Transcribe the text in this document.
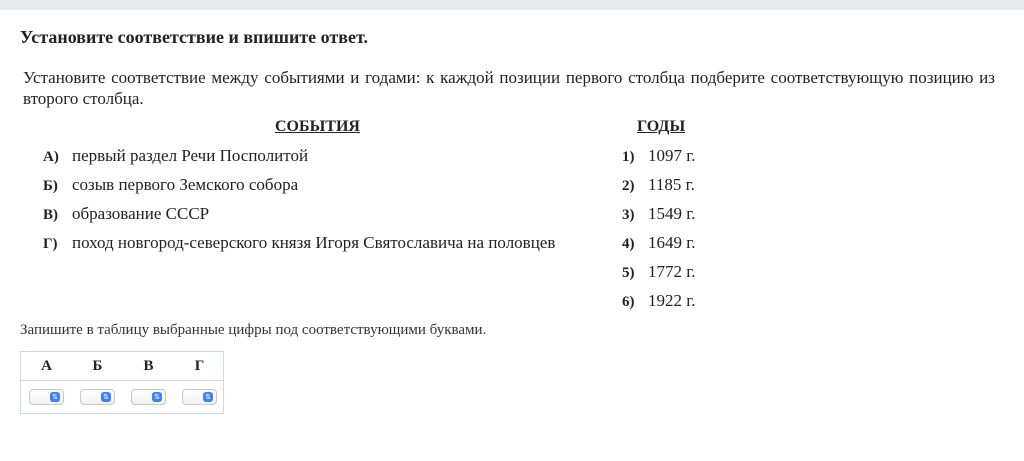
Установите соответствие и впишите ответ.
Установите соответствие между событиями и годами: к каждой позиции первого столбца подберите соответствующую позицию из второго столбца.
СОБЫТИЯ	ГОДЫ
А) первый раздел Речи Посполитой
Б) созыв первого Земского собора
В) образование СССР
Г) поход новгород-северского князя Игоря Святославича на половцев
1) 1097 г.
2) 1185 г.
3) 1549 г.
4) 1649 г.
5) 1772 г.
6) 1922 г.
Запишите в таблицу выбранные цифры под соответствующими буквами.
А	Б	В	Г
⇅	⇅	⇅	⇅
